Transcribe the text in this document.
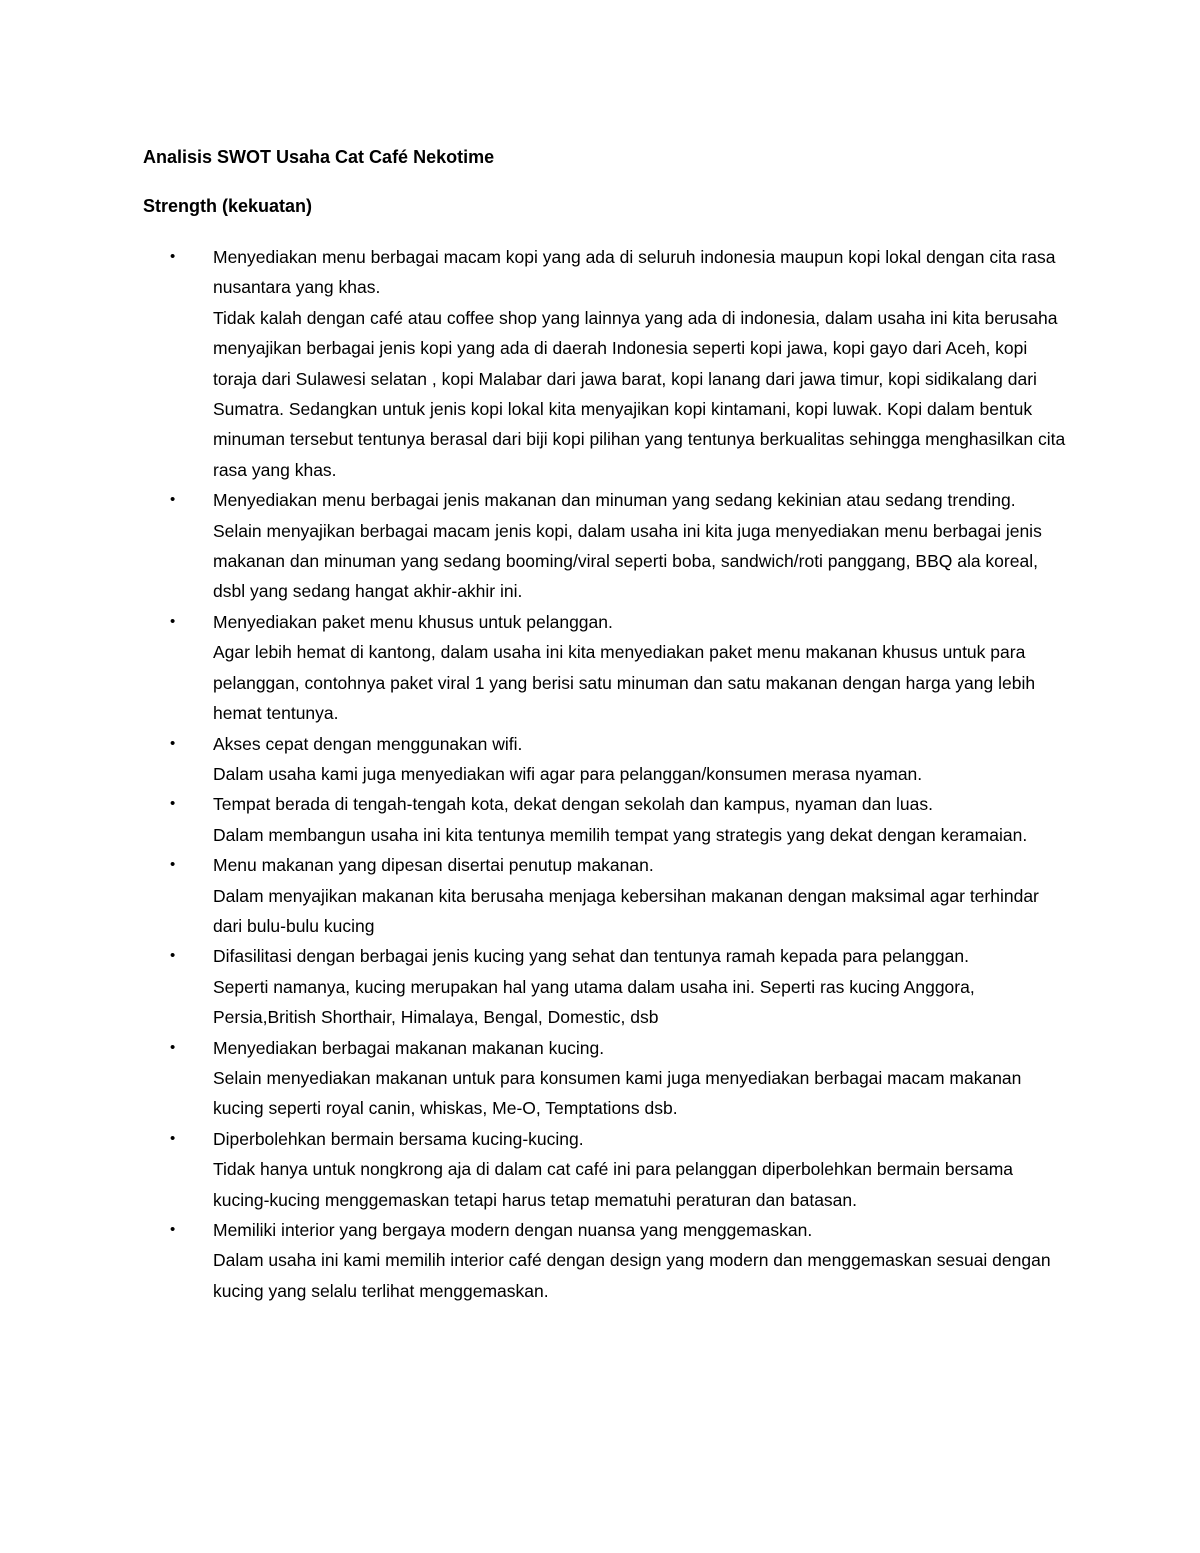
Analisis SWOT Usaha Cat Café Nekotime
Strength (kekuatan)
•	Menyediakan menu berbagai macam kopi yang ada di seluruh indonesia maupun kopi lokal dengan cita rasa nusantara yang khas.
Tidak kalah dengan café atau coffee shop yang lainnya yang ada di indonesia, dalam usaha ini kita berusaha menyajikan berbagai jenis kopi yang ada di daerah Indonesia seperti kopi jawa, kopi gayo dari Aceh, kopi toraja dari Sulawesi selatan , kopi Malabar dari jawa barat, kopi lanang dari jawa timur, kopi sidikalang dari Sumatra. Sedangkan untuk jenis kopi lokal kita menyajikan kopi kintamani, kopi luwak. Kopi dalam bentuk minuman tersebut tentunya berasal dari biji kopi pilihan yang tentunya berkualitas sehingga menghasilkan cita rasa yang khas.
•	Menyediakan menu berbagai jenis makanan dan minuman yang sedang kekinian atau sedang trending.
Selain menyajikan berbagai macam jenis kopi, dalam usaha ini kita juga menyediakan menu berbagai jenis makanan dan minuman yang sedang booming/viral seperti boba, sandwich/roti panggang, BBQ ala koreal, dsbl yang sedang hangat akhir-akhir ini.
•	Menyediakan paket menu khusus untuk pelanggan.
Agar lebih hemat di kantong, dalam usaha ini kita menyediakan paket menu makanan khusus untuk para pelanggan, contohnya paket viral 1 yang berisi satu minuman dan satu makanan dengan harga yang lebih hemat tentunya.
•	Akses cepat dengan menggunakan wifi.
Dalam usaha kami juga menyediakan wifi agar para pelanggan/konsumen merasa nyaman.
•	Tempat berada di tengah-tengah kota, dekat dengan sekolah dan kampus, nyaman dan luas.
Dalam membangun usaha ini kita tentunya memilih tempat yang strategis yang dekat dengan keramaian.
•	Menu makanan yang dipesan disertai penutup makanan.
Dalam menyajikan makanan kita berusaha menjaga kebersihan makanan dengan maksimal agar terhindar dari bulu-bulu kucing
•	Difasilitasi dengan berbagai jenis kucing yang sehat dan tentunya ramah kepada para pelanggan.
Seperti namanya, kucing merupakan hal yang utama dalam usaha ini. Seperti ras kucing Anggora, Persia,British Shorthair, Himalaya, Bengal, Domestic, dsb
•	Menyediakan berbagai makanan makanan kucing.
Selain menyediakan makanan untuk para konsumen kami juga menyediakan berbagai macam makanan kucing seperti royal canin, whiskas, Me-O, Temptations dsb.
•	Diperbolehkan bermain bersama kucing-kucing.
Tidak hanya untuk nongkrong aja di dalam cat café ini para pelanggan diperbolehkan bermain bersama kucing-kucing menggemaskan tetapi harus tetap mematuhi peraturan dan batasan.
•	Memiliki interior yang bergaya modern dengan nuansa yang menggemaskan.
Dalam usaha ini kami memilih interior café dengan design yang modern dan menggemaskan sesuai dengan kucing yang selalu terlihat menggemaskan.
